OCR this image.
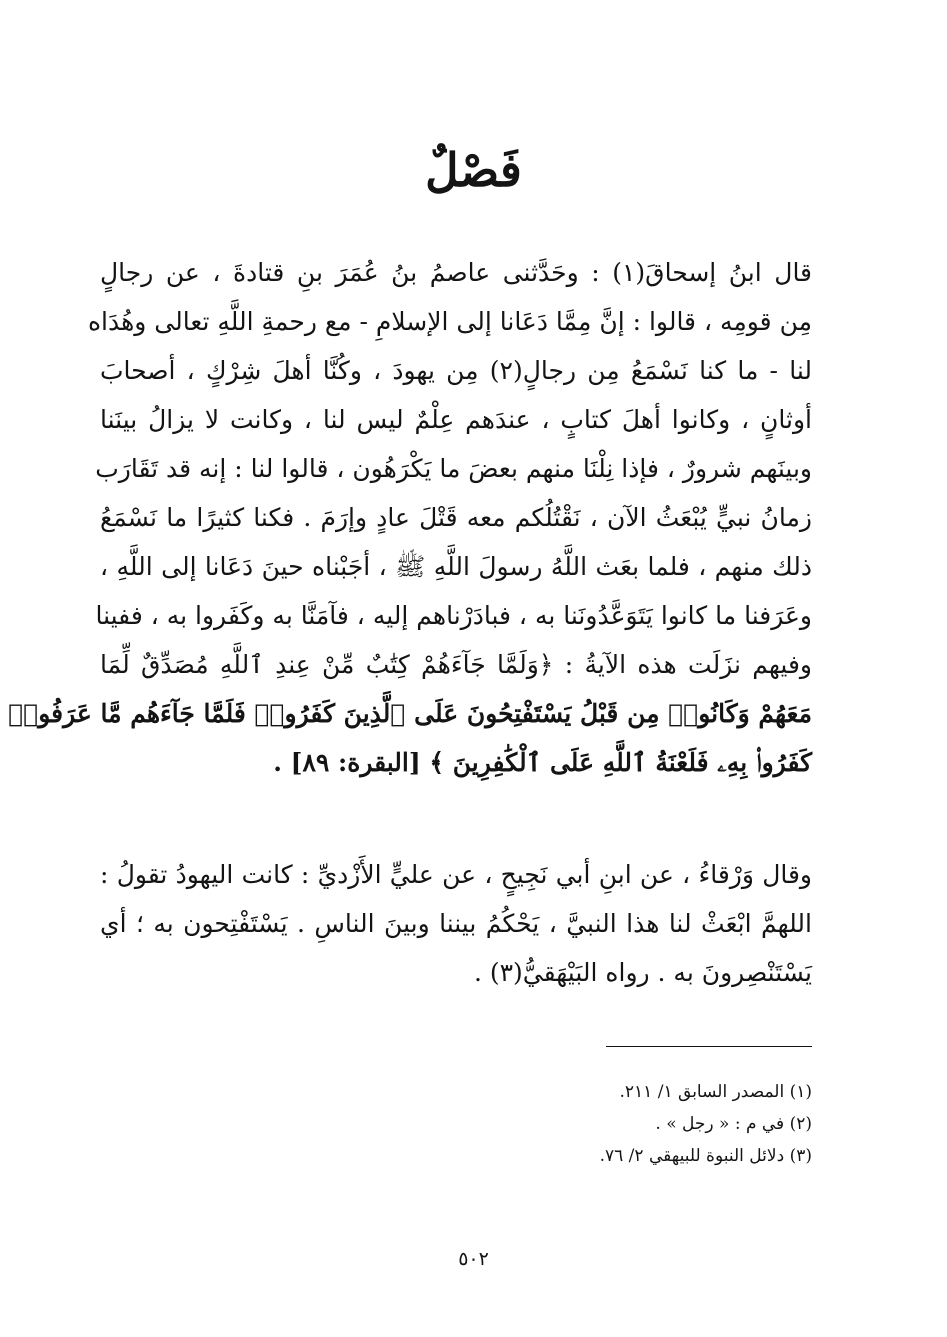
فَصْلٌ
قال ابنُ إسحاقَ(١) : وحَدَّثنى عاصمُ بنُ عُمَرَ بنِ قتادةَ ، عن رجالٍ
مِن قومِه ، قالوا : إنَّ مِمَّا دَعَانا إلى الإسلامِ - مع رحمةِ اللَّهِ تعالى وهُدَاه
لنا - ما كنا نَسْمَعُ مِن رجالٍ(٢) مِن يهودَ ، وكُنَّا أهلَ شِرْكٍ ، أصحابَ
أوثانٍ ، وكانوا أهلَ كتابٍ ، عندَهم عِلْمٌ ليس لنا ، وكانت لا يزالُ بينَنا
وبينَهم شرورٌ ، فإذا نِلْنَا منهم بعضَ ما يَكْرَهُون ، قالوا لنا : إنه قد تَقَارَب
زمانُ نبيٍّ يُبْعَثُ الآن ، نَقْتُلُكم معه قَتْلَ عادٍ وإرَمَ . فكنا كثيرًا ما نَسْمَعُ
ذلك منهم ، فلما بعَث اللَّهُ رسولَ اللَّهِ ﷺ ، أجَبْناه حينَ دَعَانا إلى اللَّهِ ،
وعَرَفنا ما كانوا يَتَوَعَّدُونَنا به ، فبادَرْناهم إليه ، فآمَنَّا به وكَفَروا به ، ففينا
وفيهم نزَلَت هذه الآيةُ : ﴿وَلَمَّا جَآءَهُمْ كِتَٰبٌ مِّنْ عِندِ ٱللَّهِ مُصَدِّقٌ لِّمَا
مَعَهُمْ وَكَانُوا۟ مِن قَبْلُ يَسْتَفْتِحُونَ عَلَى ٱلَّذِينَ كَفَرُوا۟ فَلَمَّا جَآءَهُم مَّا عَرَفُوا۟
كَفَرُوا۟ بِهِۦ فَلَعْنَةُ ٱللَّهِ عَلَى ٱلْكَٰفِرِينَ ﴾ [البقرة: ٨٩] .
وقال وَرْقاءُ ، عن ابنِ أبي نَجِيحٍ ، عن عليٍّ الأَزْديِّ : كانت اليهودُ تقولُ :
اللهمَّ ابْعَثْ لنا هذا النبيَّ ، يَحْكُمُ بيننا وبينَ الناسِ . يَسْتَفْتِحون به ؛ أي
يَسْتَنْصِرونَ به . رواه البَيْهَقيُّ(٣) .
(١) المصدر السابق ١/ ٢١١.
(٢) في م : « رجل » .
(٣) دلائل النبوة للبيهقي ٢/ ٧٦.
٥٠٢
